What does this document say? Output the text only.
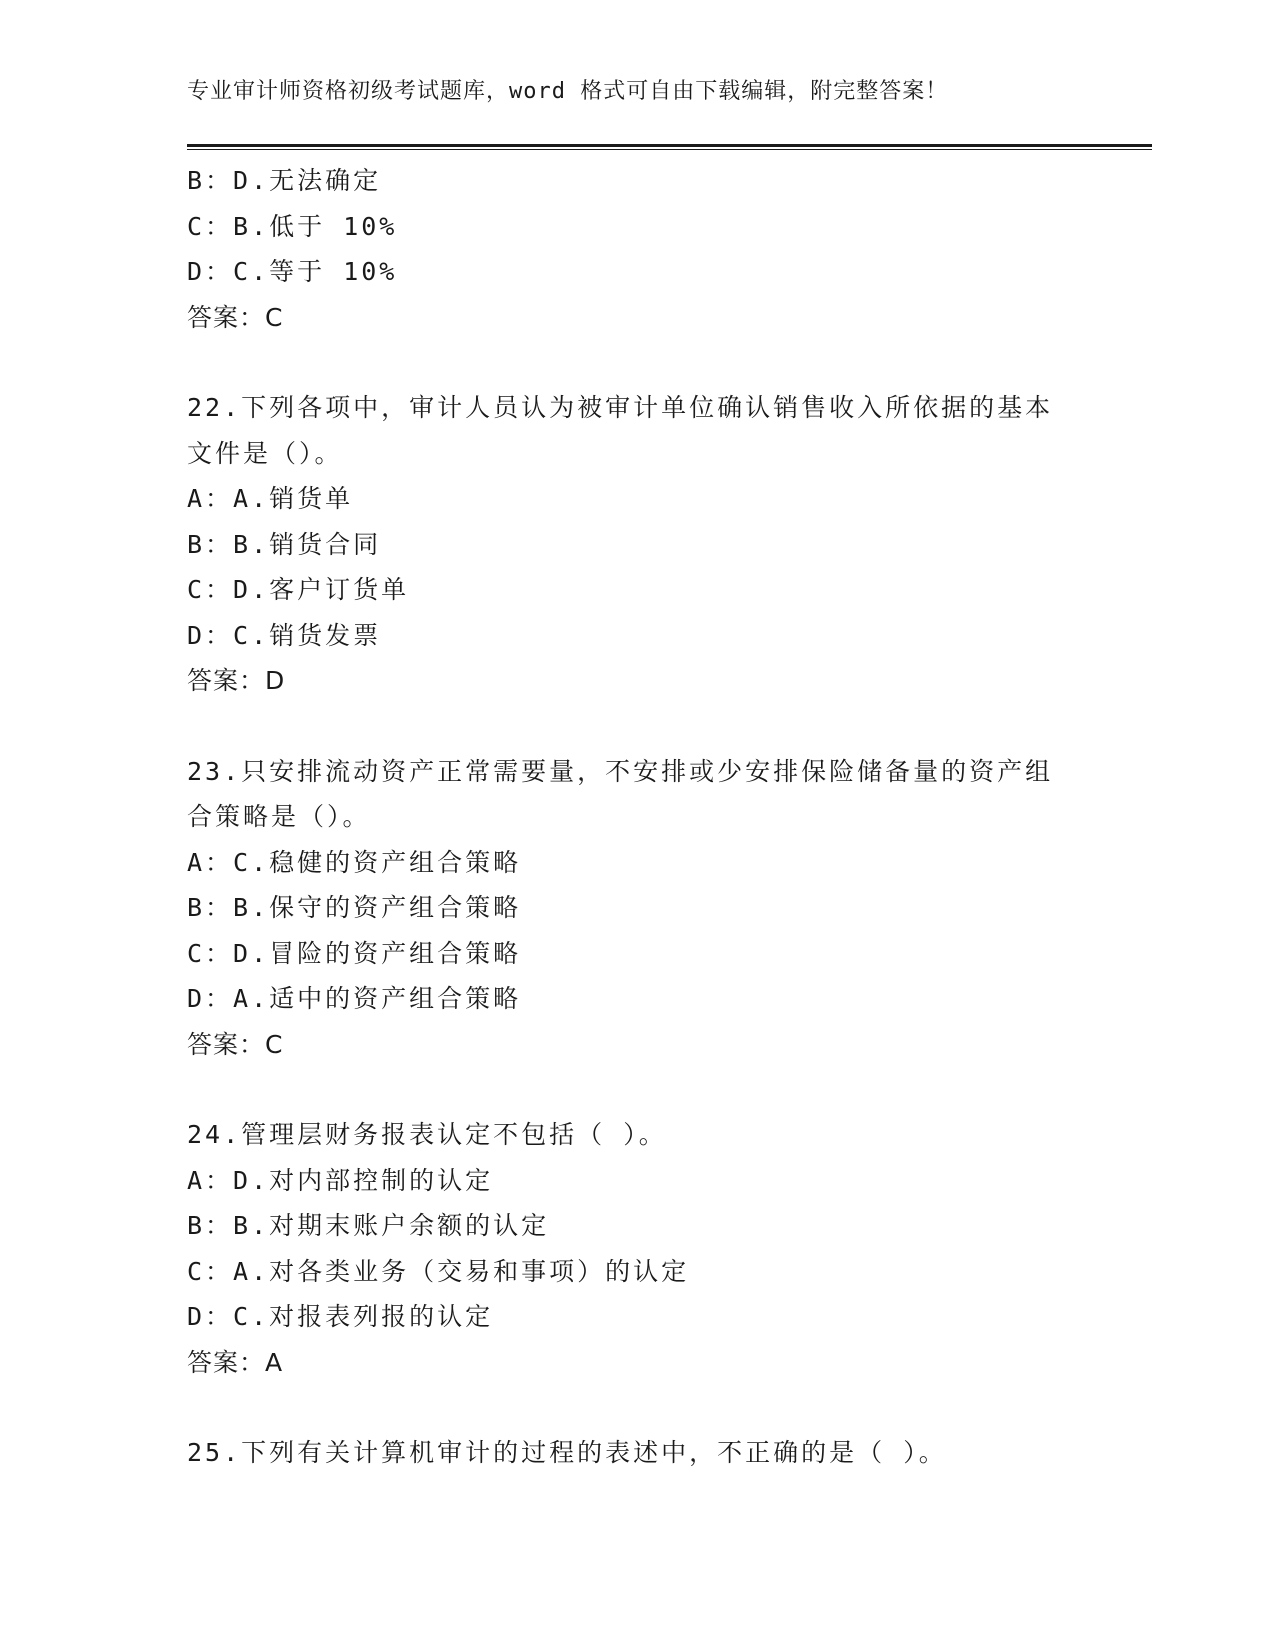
专业审计师资格初级考试题库，word 格式可自由下载编辑，附完整答案！
B：D.无法确定
C：B.低于 10%
D：C.等于 10%
答案：C
22.下列各项中，审计人员认为被审计单位确认销售收入所依据的基本
文件是（）。
A：A.销货单
B：B.销货合同
C：D.客户订货单
D：C.销货发票
答案：D
23.只安排流动资产正常需要量，不安排或少安排保险储备量的资产组
合策略是（）。
A：C.稳健的资产组合策略
B：B.保守的资产组合策略
C：D.冒险的资产组合策略
D：A.适中的资产组合策略
答案：C
24.管理层财务报表认定不包括（ ）。
A：D.对内部控制的认定
B：B.对期末账户余额的认定
C：A.对各类业务（交易和事项）的认定
D：C.对报表列报的认定
答案：A
25.下列有关计算机审计的过程的表述中，不正确的是（ ）。
